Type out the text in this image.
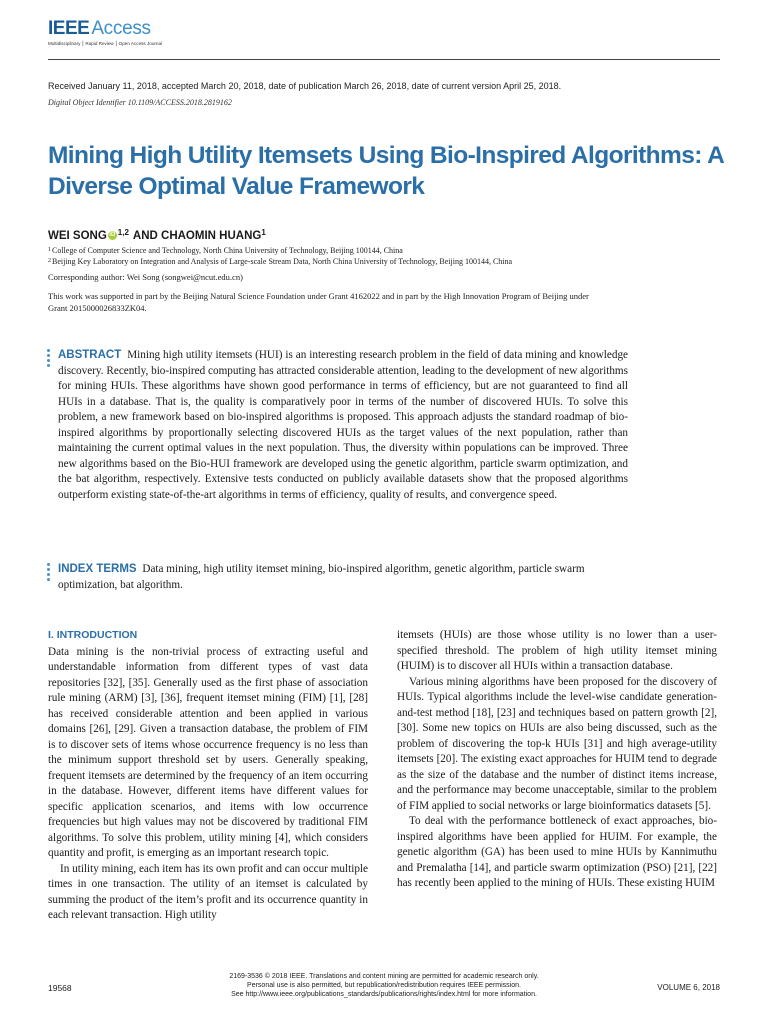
IEEE Access
Multidisciplinary ⎮ Rapid Review ⎮ Open Access Journal
Received January 11, 2018, accepted March 20, 2018, date of publication March 26, 2018, date of current version April 25, 2018.
Digital Object Identifier 10.1109/ACCESS.2018.2819162
Mining High Utility Itemsets Using Bio-Inspired Algorithms: A Diverse Optimal Value Framework
WEI SONG iD 1,2 AND CHAOMIN HUANG 1
$^1$College of Computer Science and Technology, North China University of Technology, Beijing 100144, China
$^2$Beijing Key Laboratory on Integration and Analysis of Large-scale Stream Data, North China University of Technology, Beijing 100144, China
Corresponding author: Wei Song (songwei@ncut.edu.cn)
This work was supported in part by the Beijing Natural Science Foundation under Grant 4162022 and in part by the High Innovation Program of Beijing under Grant 2015000026833ZK04.
ABSTRACT Mining high utility itemsets (HUI) is an interesting research problem in the field of data mining and knowledge discovery. Recently, bio-inspired computing has attracted considerable attention, leading to the development of new algorithms for mining HUIs. These algorithms have shown good performance in terms of efficiency, but are not guaranteed to find all HUIs in a database. That is, the quality is comparatively poor in terms of the number of discovered HUIs. To solve this problem, a new framework based on bio-inspired algorithms is proposed. This approach adjusts the standard roadmap of bio-inspired algorithms by proportionally selecting discovered HUIs as the target values of the next population, rather than maintaining the current optimal values in the next population. Thus, the diversity within populations can be improved. Three new algorithms based on the Bio-HUI framework are developed using the genetic algorithm, particle swarm optimization, and the bat algorithm, respectively. Extensive tests conducted on publicly available datasets show that the proposed algorithms outperform existing state-of-the-art algorithms in terms of efficiency, quality of results, and convergence speed.
INDEX TERMS Data mining, high utility itemset mining, bio-inspired algorithm, genetic algorithm, particle swarm optimization, bat algorithm.
I. INTRODUCTION

Data mining is the non-trivial process of extracting useful and understandable information from different types of vast data repositories [32], [35]. Generally used as the first phase of association rule mining (ARM) [3], [36], frequent itemset mining (FIM) [1], [28] has received considerable attention and been applied in various domains [26], [29]. Given a transaction database, the problem of FIM is to discover sets of items whose occurrence frequency is no less than the minimum support threshold set by users. Generally speaking, frequent itemsets are determined by the frequency of an item occurring in the database. However, different items have different values for specific application scenarios, and items with low occurrence frequencies but high values may not be discovered by traditional FIM algorithms. To solve this problem, utility mining [4], which considers quantity and profit, is emerging as an important research topic.

In utility mining, each item has its own profit and can occur multiple times in one transaction. The utility of an itemset is calculated by summing the product of the item’s profit and its occurrence quantity in each relevant transaction. High utility

itemsets (HUIs) are those whose utility is no lower than a user-specified threshold. The problem of high utility itemset mining (HUIM) is to discover all HUIs within a transaction database.

Various mining algorithms have been proposed for the discovery of HUIs. Typical algorithms include the level-wise candidate generation-and-test method [18], [23] and techniques based on pattern growth [2], [30]. Some new topics on HUIs are also being discussed, such as the problem of discovering the top-k HUIs [31] and high average-utility itemsets [20]. The existing exact approaches for HUIM tend to degrade as the size of the database and the number of distinct items increase, and the performance may become unacceptable, similar to the problem of FIM applied to social networks or large bioinformatics datasets [5].

To deal with the performance bottleneck of exact approaches, bio-inspired algorithms have been applied for HUIM. For example, the genetic algorithm (GA) has been used to mine HUIs by Kannimuthu and Premalatha [14], and particle swarm optimization (PSO) [21], [22] has recently been applied to the mining of HUIs. These existing HUIM

19568
2169-3536 © 2018 IEEE. Translations and content mining are permitted for academic research only.
Personal use is also permitted, but republication/redistribution requires IEEE permission.
See http://www.ieee.org/publications_standards/publications/rights/index.html for more information.
VOLUME 6, 2018
